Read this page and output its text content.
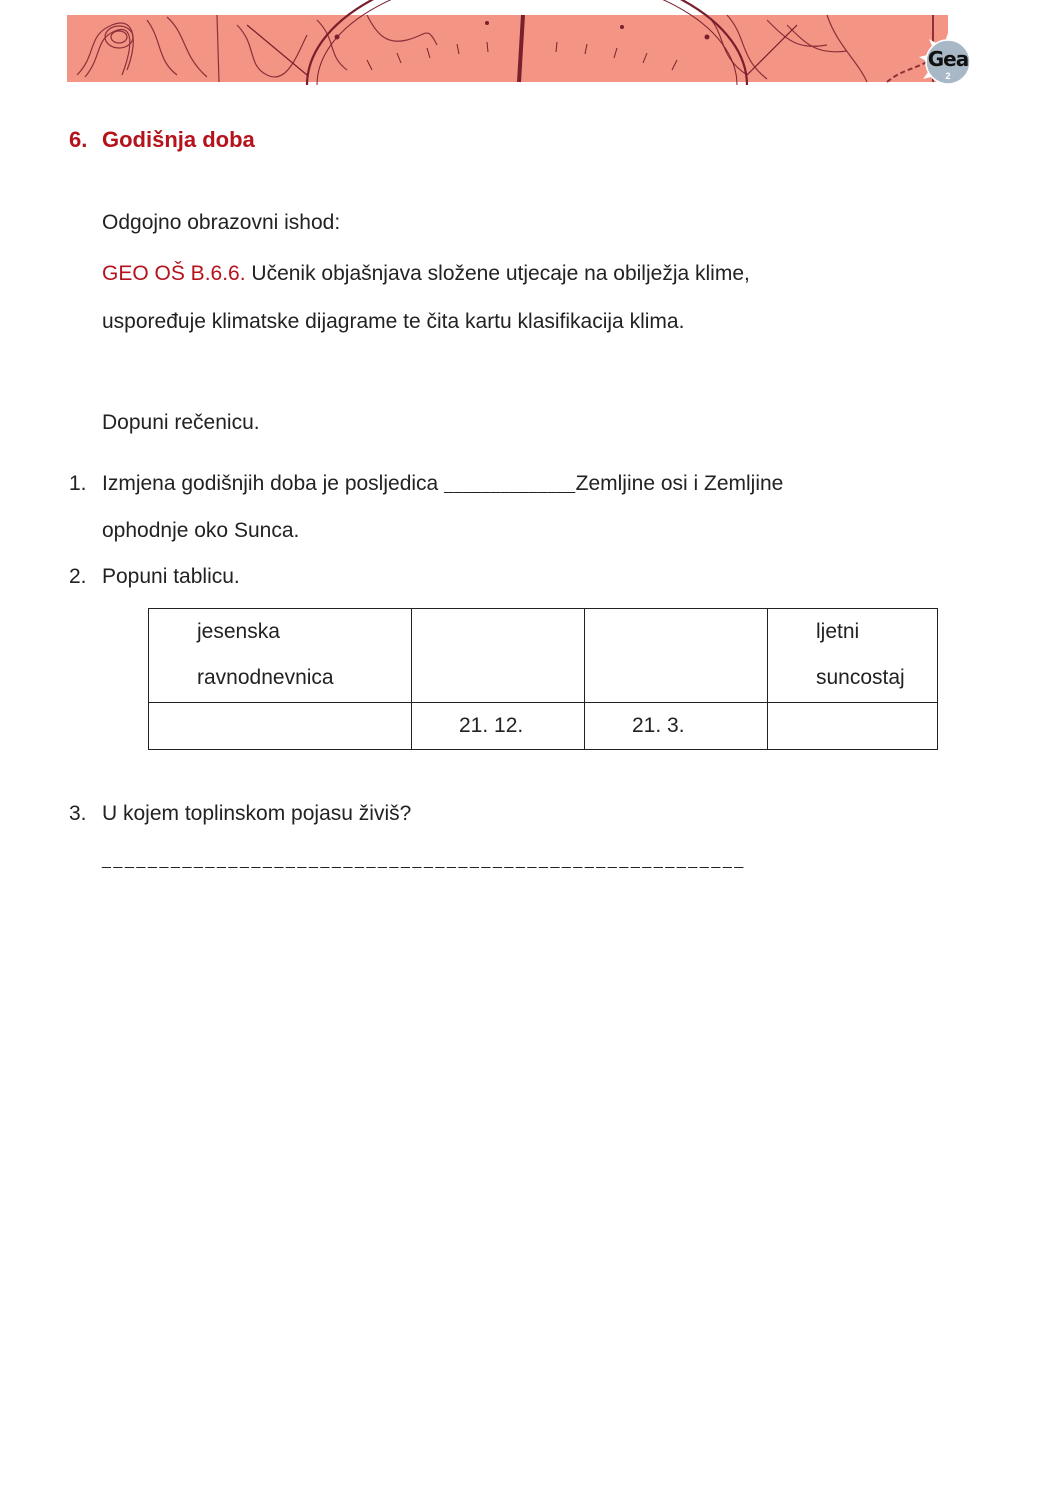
Gea
2
6. Godišnja doba
Odgojno obrazovni ishod:
GEO OŠ B.6.6. Učenik objašnjava složene utjecaje na obilježja klime,
uspoređuje klimatske dijagrame te čita kartu klasifikacija klima.
Dopuni rečenicu.
1. Izmjena godišnjih doba je posljedica ______________Zemljine osi i Zemljine
ophodnje oko Sunca.
2. Popuni tablicu.
jesenska
ravnodnevnica			ljetni
suncostaj

	21. 12.	21. 3.	

3. U kojem toplinskom pojasu živiš?
________________________________________________________
